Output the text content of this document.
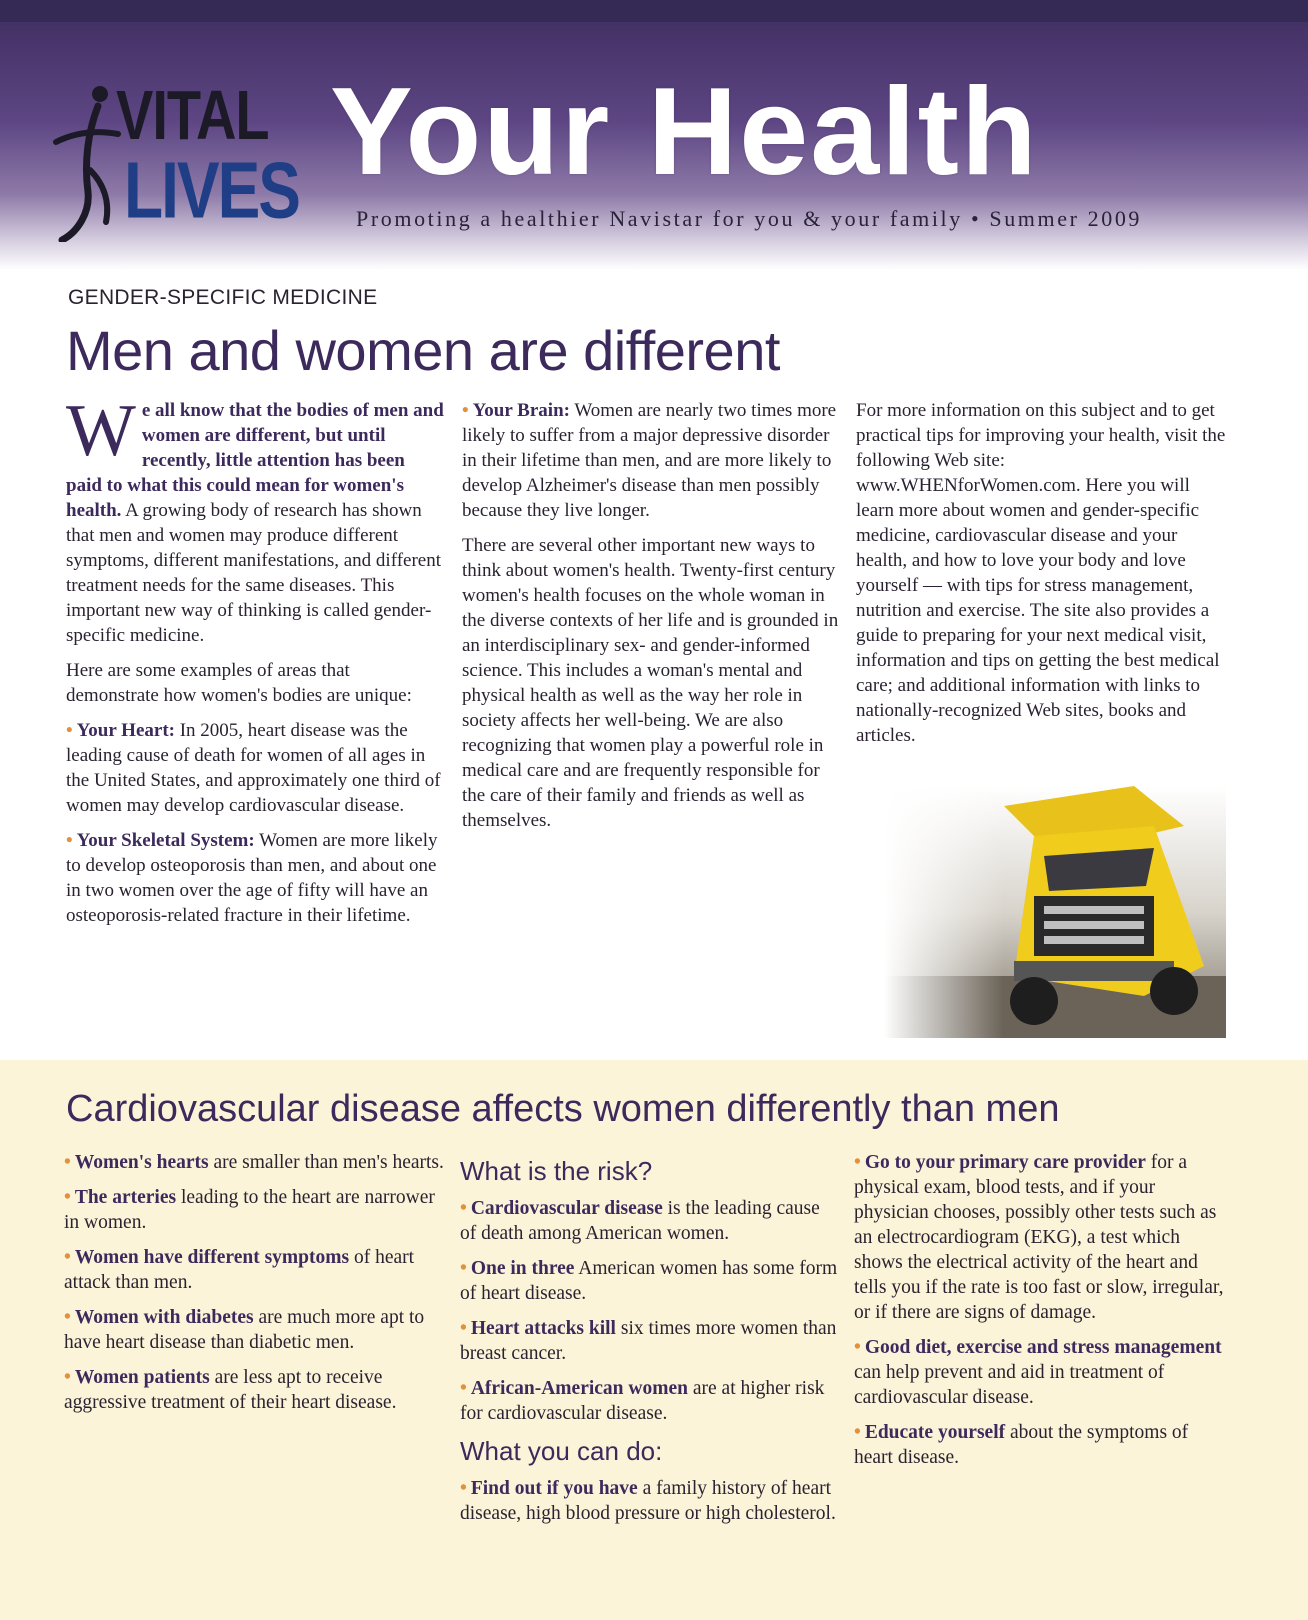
VITAL
LIVES Your Health
Promoting a healthier Navistar for you & your family • Summer 2009
GENDER-SPECIFIC MEDICINE
Men and women are different

We all know that the bodies of men and women are different, but until recently, little attention has been paid to what this could mean for women's health. A growing body of research has shown that men and women may produce different symptoms, different manifestations, and different treatment needs for the same diseases. This important new way of thinking is called gender-specific medicine.

Here are some examples of areas that demonstrate how women's bodies are unique:

• Your Heart: In 2005, heart disease was the leading cause of death for women of all ages in the United States, and approximately one third of women may develop cardiovascular disease.

• Your Skeletal System: Women are more likely to develop osteoporosis than men, and about one in two women over the age of fifty will have an osteoporosis-related fracture in their lifetime.

• Your Brain: Women are nearly two times more likely to suffer from a major depressive disorder in their lifetime than men, and are more likely to develop Alzheimer's disease than men possibly because they live longer.

There are several other important new ways to think about women's health. Twenty-first century women's health focuses on the whole woman in the diverse contexts of her life and is grounded in an interdisciplinary sex- and gender-informed science. This includes a woman's mental and physical health as well as the way her role in society affects her well-being. We are also recognizing that women play a powerful role in medical care and are frequently responsible for the care of their family and friends as well as themselves.

For more information on this subject and to get practical tips for improving your health, visit the following Web site: www.WHENforWomen.com. Here you will learn more about women and gender-specific medicine, cardiovascular disease and your health, and how to love your body and love yourself — with tips for stress management, nutrition and exercise. The site also provides a guide to preparing for your next medical visit, information and tips on getting the best medical care; and additional information with links to nationally-recognized Web sites, books and articles.

Cardiovascular disease affects women differently than men

• Women's hearts are smaller than men's hearts.

• The arteries leading to the heart are narrower in women.

• Women have different symptoms of heart attack than men.

• Women with diabetes are much more apt to have heart disease than diabetic men.

• Women patients are less apt to receive aggressive treatment of their heart disease.

What is the risk?

• Cardiovascular disease is the leading cause of death among American women.

• One in three American women has some form of heart disease.

• Heart attacks kill six times more women than breast cancer.

• African-American women are at higher risk for cardiovascular disease.

What you can do:

• Find out if you have a family history of heart disease, high blood pressure or high cholesterol.

• Go to your primary care provider for a physical exam, blood tests, and if your physician chooses, possibly other tests such as an electrocardiogram (EKG), a test which shows the electrical activity of the heart and tells you if the rate is too fast or slow, irregular, or if there are signs of damage.

• Good diet, exercise and stress management can help prevent and aid in treatment of cardiovascular disease.

• Educate yourself about the symptoms of heart disease.
